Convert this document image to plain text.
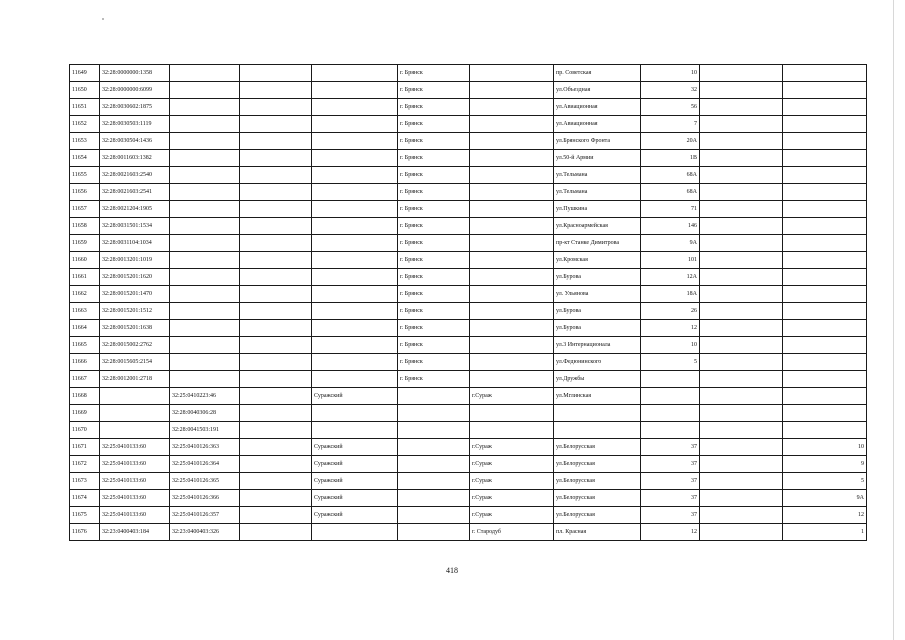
11649	32:28:0000000:1358				г. Брянск		пр. Советская	10		
11650	32:28:0000000:6099				г. Брянск		ул.Объездная	32		
11651	32:28:0030602:1875				г. Брянск		ул.Авиационная	56		
11652	32:28:0030503:1119				г. Брянск		ул.Авиационная	7		
11653	32:28:0030504:1436				г. Брянск		ул.Брянского Фронта	20А		
11654	32:28:0011603:1382				г. Брянск		ул.50-й Армии	1В		
11655	32:28:0021603:2540				г. Брянск		ул.Тельмана	68А		
11656	32:28:0021603:2541				г. Брянск		ул.Тельмана	68А		
11657	32:28:0021204:1905				г. Брянск		ул.Пушкина	71		
11658	32:28:0031501:1534				г. Брянск		ул.Красноармейская	146		
11659	32:28:0031104:1034				г. Брянск		пр-кт Станке Димитрова	9А		
11660	32:28:0013201:1019				г. Брянск		ул.Кромская	101		
11661	32:28:0015201:1620				г. Брянск		ул.Бурова	12А		
11662	32:28:0015201:1470				г. Брянск		ул. Ульянова	18А		
11663	32:28:0015201:1512				г. Брянск		ул.Бурова	26		
11664	32:28:0015201:1638				г. Брянск		ул.Бурова	12		
11665	32:28:0015002:2762				г. Брянск		ул.3 Интернационала	10		
11666	32:28:0015605:2154				г. Брянск		ул.Федюнинского	5		
11667	32:28:0012001:2718				г. Брянск		ул.Дружбы			
11668		32:25:0410223:46		Суражский		г.Сураж	ул.Мглинская			
11669		32:28:0040306:28								
11670		32:28:0041503:191								
11671	32:25:0410133:60	32:25:0410126:363		Суражский		г.Сураж	ул.Белорусская	37		10
11672	32:25:0410133:60	32:25:0410126:364		Суражский		г.Сураж	ул.Белорусская	37		9
11673	32:25:0410133:60	32:25:0410126:365		Суражский		г.Сураж	ул.Белорусская	37		5
11674	32:25:0410133:60	32:25:0410126:366		Суражский		г.Сураж	ул.Белорусская	37		9А
11675	32:25:0410133:60	32:25:0410126:357		Суражский		г.Сураж	ул.Белорусская	37		12
11676	32:23:0400403:184	32:23:0400403:326				г. Стародуб	пл. Красная	12		1
418
